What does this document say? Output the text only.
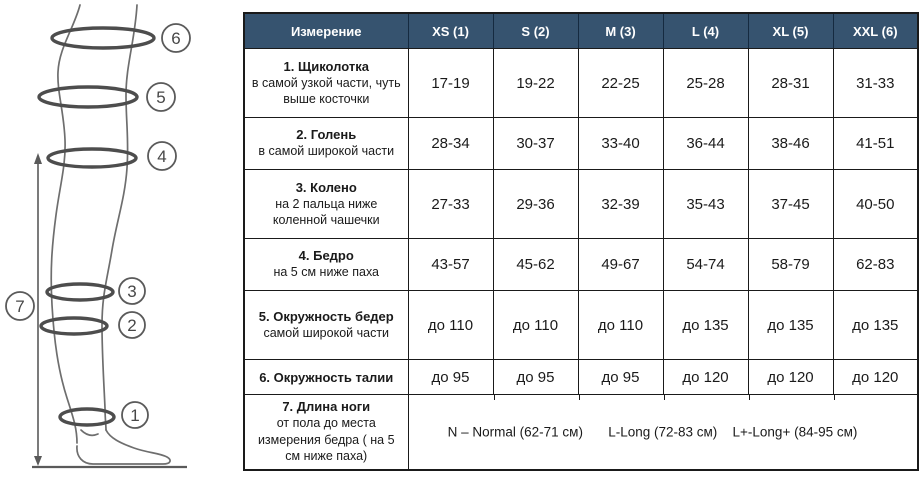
1
2
3
4
5
6
7
Измерение	XS (1)	S (2)	M (3)	L (4)	XL (5)	XXL (6)

1. Щиколотка
в самой узкой части, чуть выше косточки	17-19	19-22	22-25	25-28	28-31	31-33

2. Голень
в самой широкой части	28-34	30-37	33-40	36-44	38-46	41-51

3. Колено
на 2 пальца ниже коленной чашечки	27-33	29-36	32-39	35-43	37-45	40-50

4. Бедро
на 5 см ниже паха	43-57	45-62	49-67	54-74	58-79	62-83

5. Окружность бедер
самой широкой части	до 110	до 110	до 110	до 135	до 135	до 135

6. Окружность талии	до 95	до 95	до 95	до 120	до 120	до 120

7. Длина ноги
от пола до места измерения бедра ( на 5 см ниже паха)

N – Normal (62-71 см) L-Long (72-83 см) L+-Long+ (84-95 см)
